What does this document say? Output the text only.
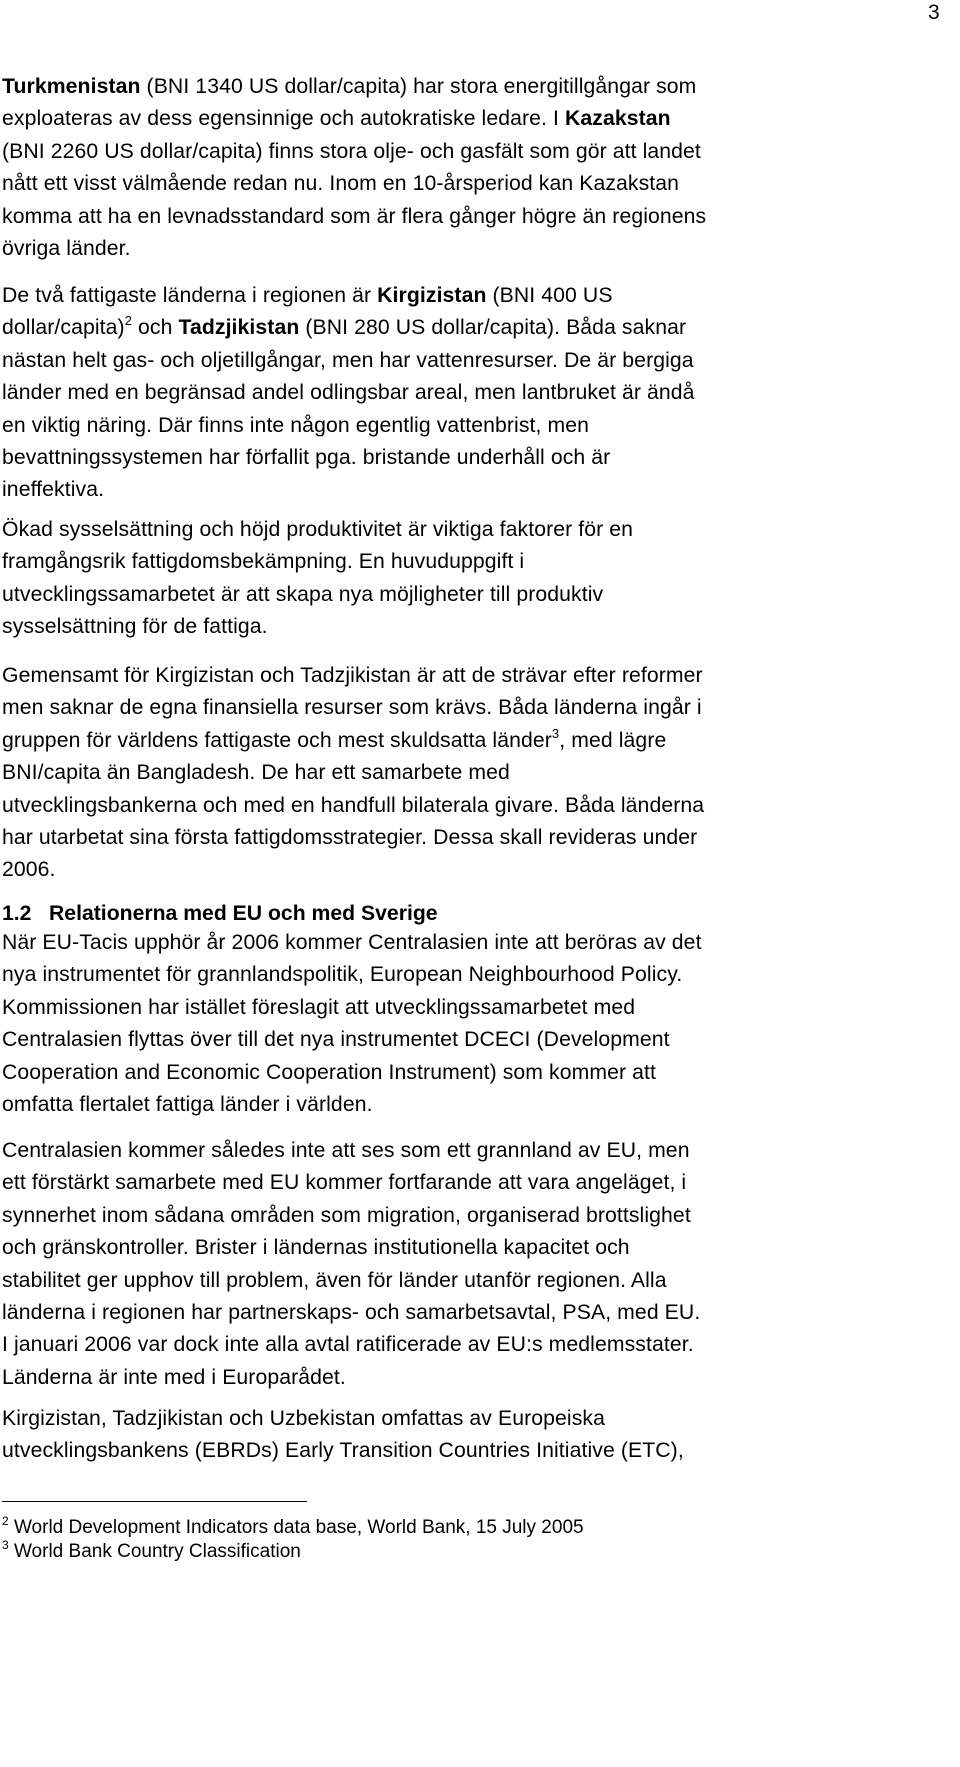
3

Turkmenistan (BNI 1340 US dollar/capita) har stora energitillgångar som

exploateras av dess egensinnige och autokratiske ledare. I Kazakstan

(BNI 2260 US dollar/capita) finns stora olje- och gasfält som gör att landet

nått ett visst välmående redan nu. Inom en 10-årsperiod kan Kazakstan

komma att ha en levnadsstandard som är flera gånger högre än regionens

övriga länder.

De två fattigaste länderna i regionen är Kirgizistan (BNI 400 US

dollar/capita)$^2$ och Tadzjikistan (BNI 280 US dollar/capita). Båda saknar

nästan helt gas- och oljetillgångar, men har vattenresurser. De är bergiga

länder med en begränsad andel odlingsbar areal, men lantbruket är ändå

en viktig näring. Där finns inte någon egentlig vattenbrist, men

bevattningssystemen har förfallit pga. bristande underhåll och är

ineffektiva.

Ökad sysselsättning och höjd produktivitet är viktiga faktorer för en

framgångsrik fattigdomsbekämpning. En huvuduppgift i

utvecklingssamarbetet är att skapa nya möjligheter till produktiv

sysselsättning för de fattiga.

Gemensamt för Kirgizistan och Tadzjikistan är att de strävar efter reformer

men saknar de egna finansiella resurser som krävs. Båda länderna ingår i

gruppen för världens fattigaste och mest skuldsatta länder$^3$, med lägre

BNI/capita än Bangladesh. De har ett samarbete med

utvecklingsbankerna och med en handfull bilaterala givare. Båda länderna

har utarbetat sina första fattigdomsstrategier. Dessa skall revideras under

2006.

1.2 Relationerna med EU och med Sverige

När EU-Tacis upphör år 2006 kommer Centralasien inte att beröras av det

nya instrumentet för grannlandspolitik, European Neighbourhood Policy.

Kommissionen har istället föreslagit att utvecklingssamarbetet med

Centralasien flyttas över till det nya instrumentet DCECI (Development

Cooperation and Economic Cooperation Instrument) som kommer att

omfatta flertalet fattiga länder i världen.

Centralasien kommer således inte att ses som ett grannland av EU, men

ett förstärkt samarbete med EU kommer fortfarande att vara angeläget, i

synnerhet inom sådana områden som migration, organiserad brottslighet

och gränskontroller. Brister i ländernas institutionella kapacitet och

stabilitet ger upphov till problem, även för länder utanför regionen. Alla

länderna i regionen har partnerskaps- och samarbetsavtal, PSA, med EU.

I januari 2006 var dock inte alla avtal ratificerade av EU:s medlemsstater.

Länderna är inte med i Europarådet.

Kirgizistan, Tadzjikistan och Uzbekistan omfattas av Europeiska

utvecklingsbankens (EBRDs) Early Transition Countries Initiative (ETC),

$^2$ World Development Indicators data base, World Bank, 15 July 2005
$^3$ World Bank Country Classification
